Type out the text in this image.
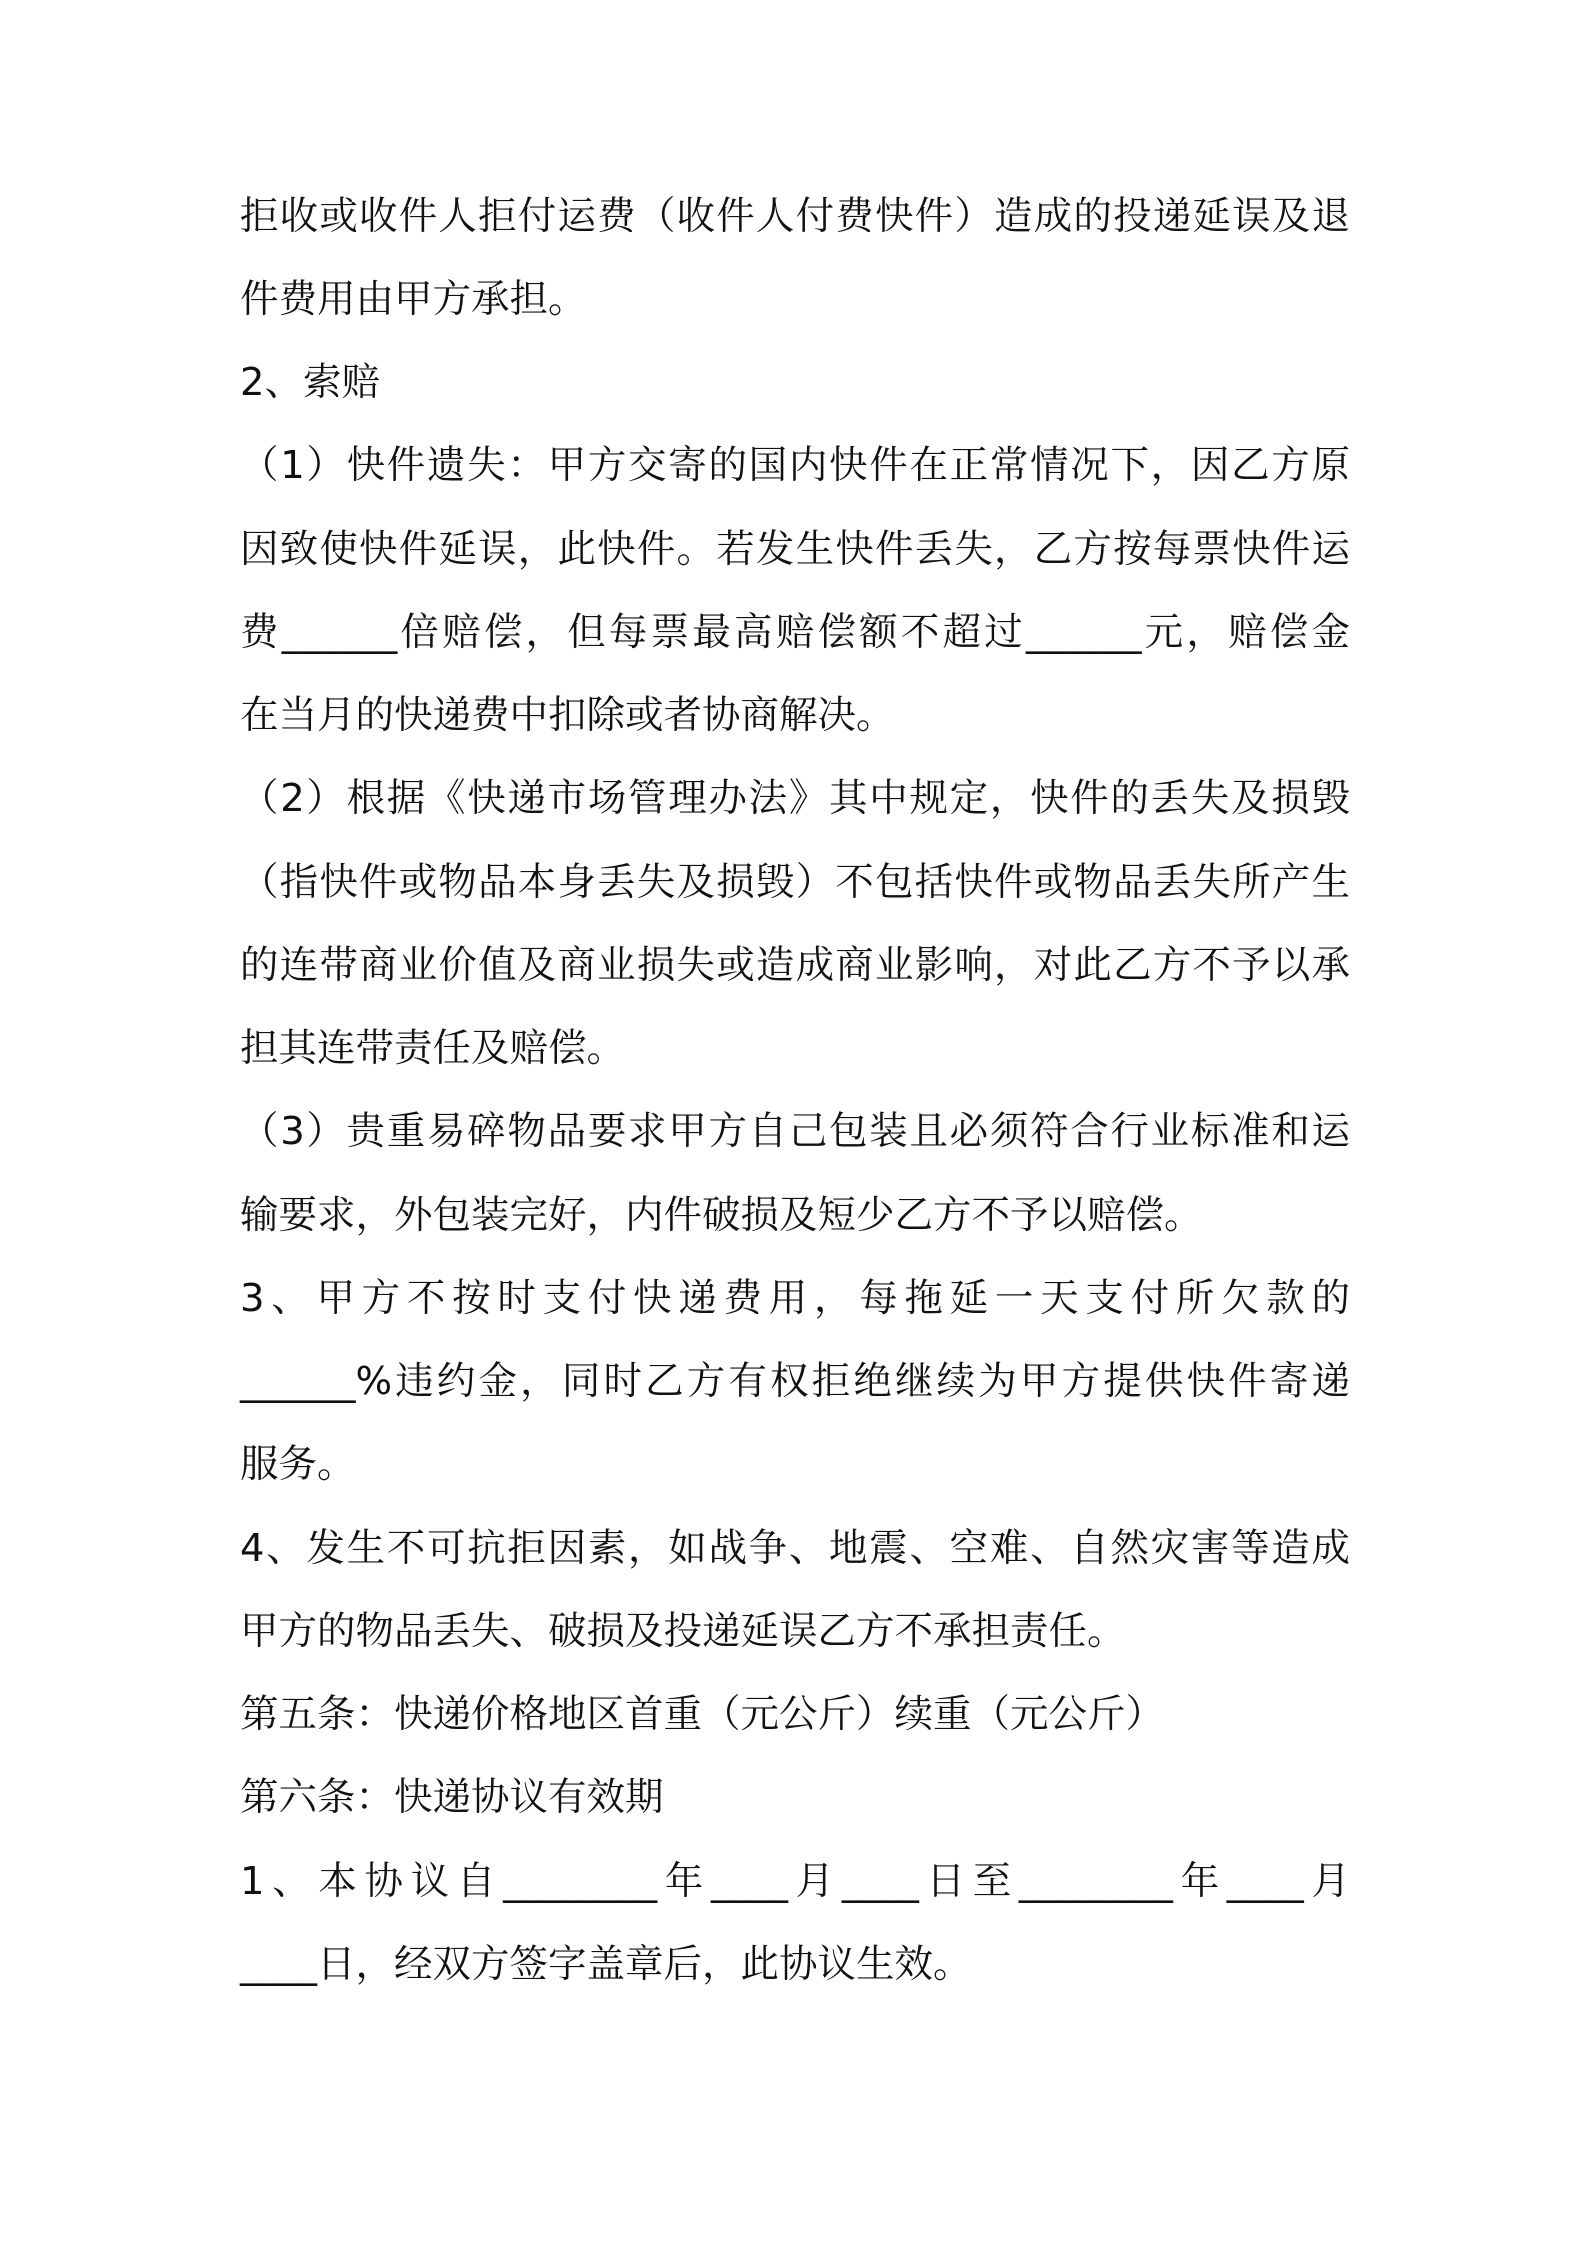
拒收或收件人拒付运费（收件人付费快件）造成的投递延误及退
件费用由甲方承担。
2、索赔
（1）快件遗失：甲方交寄的国内快件在正常情况下，因乙方原
因致使快件延误，此快件。若发生快件丢失，乙方按每票快件运
费______倍赔偿，但每票最高赔偿额不超过______元，赔偿金
在当月的快递费中扣除或者协商解决。
（2）根据《快递市场管理办法》其中规定，快件的丢失及损毁
（指快件或物品本身丢失及损毁）不包括快件或物品丢失所产生
的连带商业价值及商业损失或造成商业影响，对此乙方不予以承
担其连带责任及赔偿。
（3）贵重易碎物品要求甲方自己包装且必须符合行业标准和运
输要求，外包装完好，内件破损及短少乙方不予以赔偿。
3、甲方不按时支付快递费用，每拖延一天支付所欠款的
______%违约金，同时乙方有权拒绝继续为甲方提供快件寄递
服务。
4、发生不可抗拒因素，如战争、地震、空难、自然灾害等造成
甲方的物品丢失、破损及投递延误乙方不承担责任。
第五条：快递价格地区首重（元公斤）续重（元公斤）
第六条：快递协议有效期
1、本协议自________年____月____日至________年____月
____日，经双方签字盖章后，此协议生效。
